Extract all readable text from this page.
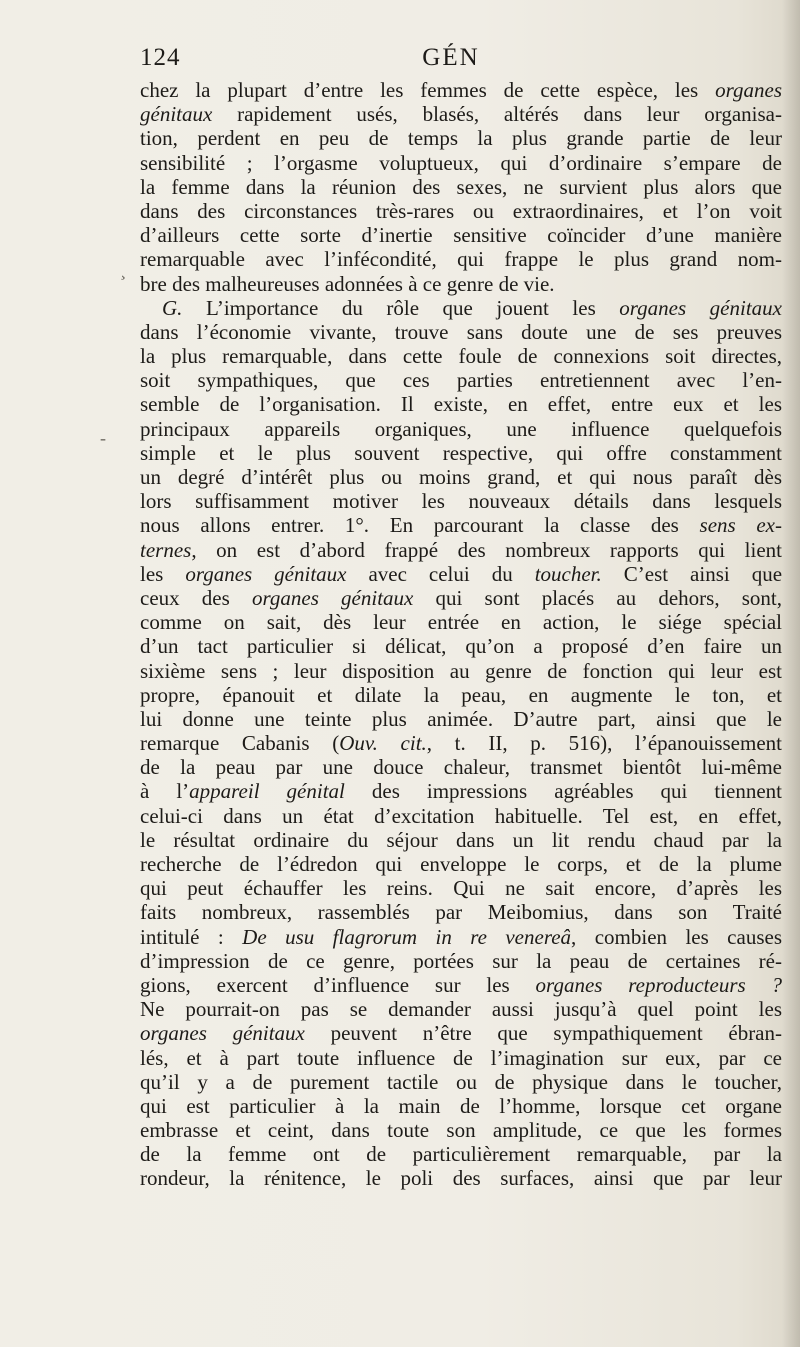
124	GÉN
chez la plupart d’entre les femmes de cette espèce, les organes
génitaux rapidement usés, blasés, altérés dans leur organisa-
tion, perdent en peu de temps la plus grande partie de leur
sensibilité ; l’orgasme voluptueux, qui d’ordinaire s’empare de
la femme dans la réunion des sexes, ne survient plus alors que
dans des circonstances très-rares ou extraordinaires, et l’on voit
d’ailleurs cette sorte d’inertie sensitive coïncider d’une manière
remarquable avec l’infécondité, qui frappe le plus grand nom-
bre des malheureuses adonnées à ce genre de vie.
G. L’importance du rôle que jouent les organes génitaux
dans l’économie vivante, trouve sans doute une de ses preuves
la plus remarquable, dans cette foule de connexions soit directes,
soit sympathiques, que ces parties entretiennent avec l’en-
semble de l’organisation. Il existe, en effet, entre eux et les
principaux appareils organiques, une influence quelquefois
simple et le plus souvent respective, qui offre constamment
un degré d’intérêt plus ou moins grand, et qui nous paraît dès
lors suffisamment motiver les nouveaux détails dans lesquels
nous allons entrer. 1°. En parcourant la classe des sens ex-
ternes, on est d’abord frappé des nombreux rapports qui lient
les organes génitaux avec celui du toucher. C’est ainsi que
ceux des organes génitaux qui sont placés au dehors, sont,
comme on sait, dès leur entrée en action, le siége spécial
d’un tact particulier si délicat, qu’on a proposé d’en faire un
sixième sens ; leur disposition au genre de fonction qui leur est
propre, épanouit et dilate la peau, en augmente le ton, et
lui donne une teinte plus animée. D’autre part, ainsi que le
remarque Cabanis (Ouv. cit., t. II, p. 516), l’épanouissement
de la peau par une douce chaleur, transmet bientôt lui-même
à l’appareil génital des impressions agréables qui tiennent
celui-ci dans un état d’excitation habituelle. Tel est, en effet,
le résultat ordinaire du séjour dans un lit rendu chaud par la
recherche de l’édredon qui enveloppe le corps, et de la plume
qui peut échauffer les reins. Qui ne sait encore, d’après les
faits nombreux, rassemblés par Meibomius, dans son Traité
intitulé : De usu flagrorum in re venereâ, combien les causes
d’impression de ce genre, portées sur la peau de certaines ré-
gions, exercent d’influence sur les organes reproducteurs ?
Ne pourrait-on pas se demander aussi jusqu’à quel point les
organes génitaux peuvent n’être que sympathiquement ébran-
lés, et à part toute influence de l’imagination sur eux, par ce
qu’il y a de purement tactile ou de physique dans le toucher,
qui est particulier à la main de l’homme, lorsque cet organe
embrasse et ceint, dans toute son amplitude, ce que les formes
de la femme ont de particulièrement remarquable, par la
rondeur, la rénitence, le poli des surfaces, ainsi que par leur
¸
-
